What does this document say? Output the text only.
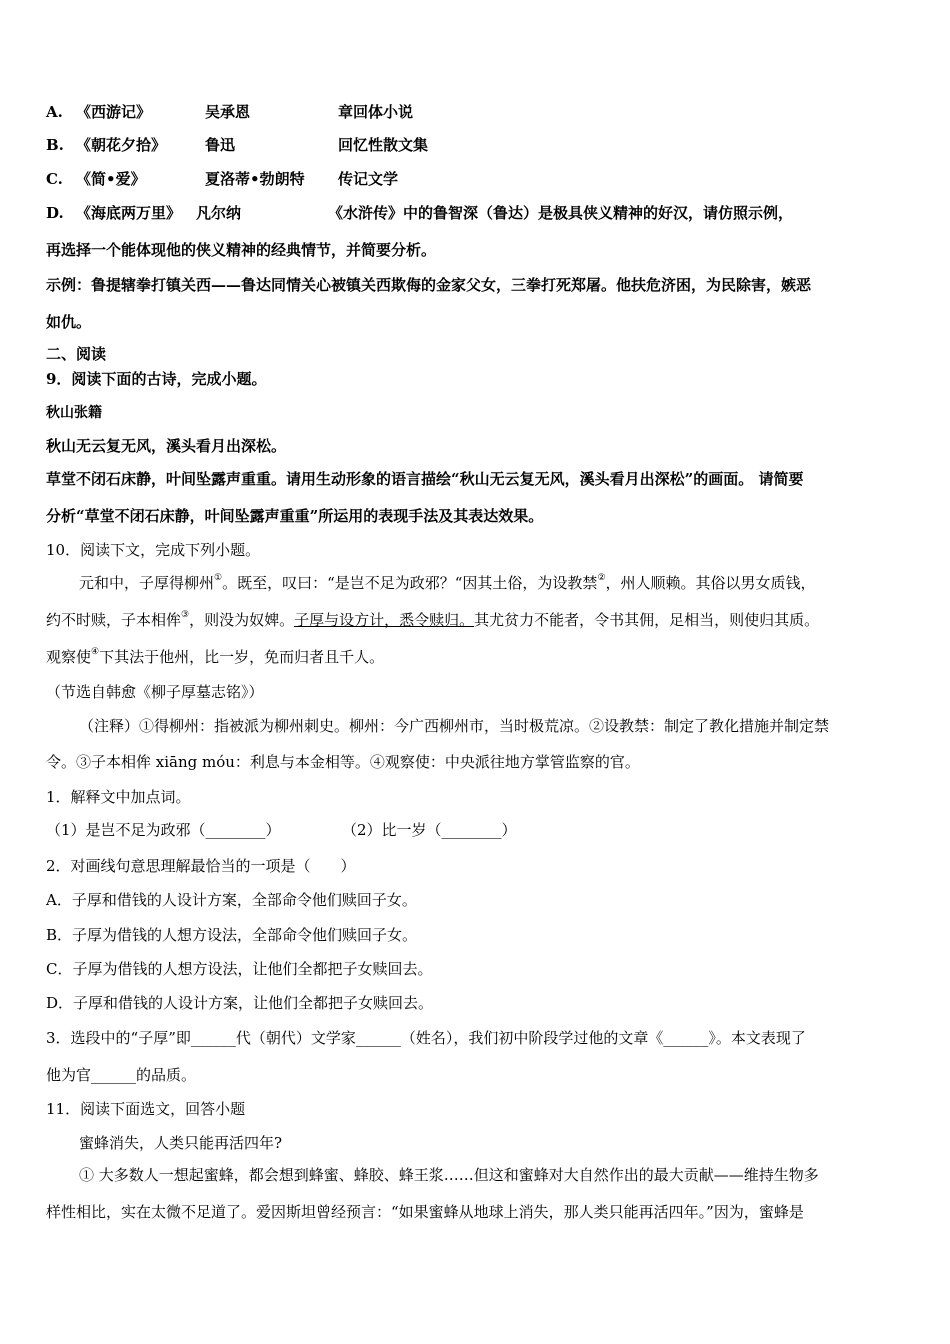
A. 《西游记》	吴承恩	章回体小说
B. 《朝花夕拾》	鲁迅	回忆性散文集
C. 《简•爱》	夏洛蒂•勃朗特 传记文学
D. 《海底两万里》 凡尔纳	《水浒传》中的鲁智深（鲁达）是极具侠义精神的好汉，请仿照示例，
再选择一个能体现他的侠义精神的经典情节，并简要分析。
示例：鲁提辖拳打镇关西——鲁达同情关心被镇关西欺侮的金家父女，三拳打死郑屠。他扶危济困，为民除害，嫉恶
如仇。
二、阅读
9．阅读下面的古诗，完成小题。
秋山张籍
秋山无云复无风，溪头看月出深松。
草堂不闭石床静，叶间坠露声重重。请用生动形象的语言描绘“秋山无云复无风，溪头看月出深松”的画面。 请简要
分析“草堂不闭石床静，叶间坠露声重重”所运用的表现手法及其表达效果。
10．阅读下文，完成下列小题。
元和中，子厚得柳州①。既至，叹曰：“是岂不足为政邪？“因其土俗，为设教禁②，州人顺赖。其俗以男女质钱，
约不时赎，子本相侔③，则没为奴婢。子厚与设方计，悉令赎归。其尤贫力不能者，令书其佣，足相当，则使归其质。
观察使④下其法于他州，比一岁，免而归者且千人。
（节选自韩愈《柳子厚墓志铭》）
（注释）①得柳州：指被派为柳州刺史。柳州：今广西柳州市，当时极荒凉。②设教禁：制定了教化措施并制定禁
令。③子本相侔 xiāng móu：利息与本金相等。④观察使：中央派往地方掌管监察的官。
1．解释文中加点词。
（1）是岂不足为政邪（________）	（2）比一岁（________）
2．对画线句意思理解最恰当的一项是（　　）
A．子厚和借钱的人设计方案，全部命令他们赎回子女。
B．子厚为借钱的人想方设法，全部命令他们赎回子女。
C．子厚为借钱的人想方设法，让他们全都把子女赎回去。
D．子厚和借钱的人设计方案，让他们全都把子女赎回去。
3．选段中的“子厚”即______代（朝代）文学家______（姓名），我们初中阶段学过他的文章《______》。本文表现了
他为官______的品质。
11．阅读下面选文，回答小题
蜜蜂消失，人类只能再活四年?
① 大多数人一想起蜜蜂，都会想到蜂蜜、蜂胶、蜂王浆……但这和蜜蜂对大自然作出的最大贡献——维持生物多
样性相比，实在太微不足道了。爱因斯坦曾经预言：“如果蜜蜂从地球上消失，那人类只能再活四年。”因为，蜜蜂是
